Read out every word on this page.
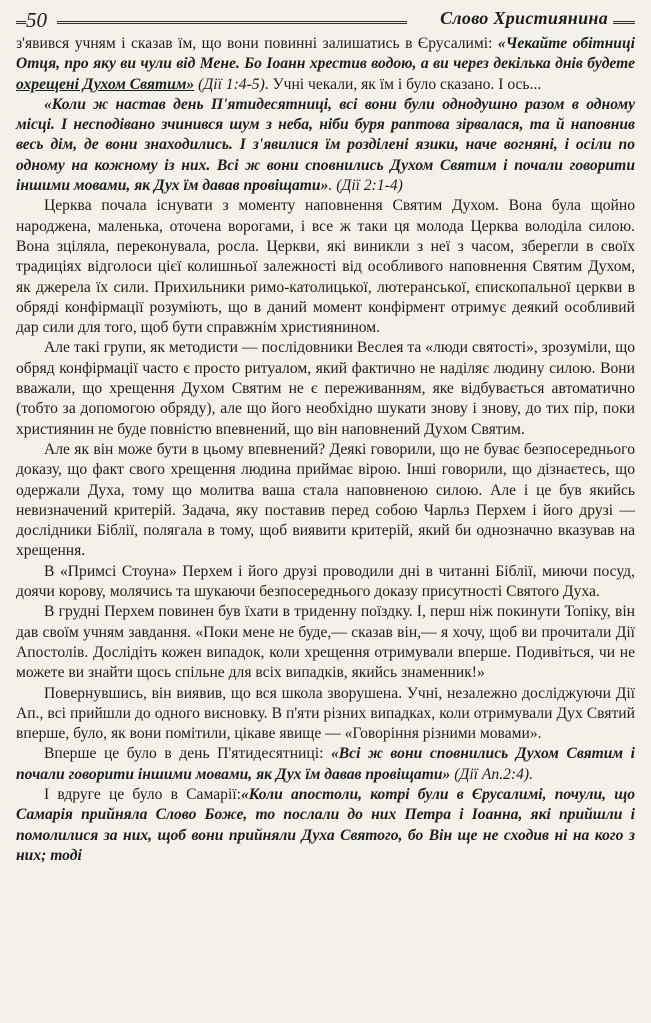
50	Слово Християнина

з'явився учням і сказав їм, що вони повинні залишатись в Єрусалимі: «Чекайте обітниці Отця, про яку ви чули від Мене. Бо Іоанн хрестив водою, а ви через декілька днів будете охрещені Духом Святим» (Дії 1:4-5). Учні чекали, як їм і було сказано. І ось...

«Коли ж настав день П'ятидесятниці, всі вони були однодушно разом в одному місці. І несподівано зчинився шум з неба, ніби буря раптова зірвалася, та й наповнив весь дім, де вони знаходились. І з'явилися їм розділені язики, наче вогняні, і осіли по одному на кожному із них. Всі ж вони сповнились Духом Святим і почали говорити іншими мовами, як Дух їм давав провіщати». (Дії 2:1-4)

Церква почала існувати з моменту наповнення Святим Духом. Вона була щойно народжена, маленька, оточена ворогами, і все ж таки ця молода Церква володіла силою. Вона зціляла, переконувала, росла. Церкви, які виникли з неї з часом, зберегли в своїх традиціях відголоси цієї колишньої залежності від особливого наповнення Святим Духом, як джерела їх сили. Прихильники римо-католицької, лютеранської, єпископальної церкви в обряді конфірмації розуміють, що в даний момент конфірмент отримує деякий особливий дар сили для того, щоб бути справжнім християнином.

Але такі групи, як методисти — послідовники Веслея та «люди святості», зрозуміли, що обряд конфірмації часто є просто ритуалом, який фактично не наділяє людину силою. Вони вважали, що хрещення Духом Святим не є переживанням, яке відбувається автоматично (тобто за допомогою обряду), але що його необхідно шукати знову і знову, до тих пір, поки християнин не буде повністю впевнений, що він наповнений Духом Святим.

Але як він може бути в цьому впевнений? Деякі говорили, що не буває безпосереднього доказу, що факт свого хрещення людина приймає вірою. Інші говорили, що дізнаєтесь, що одержали Духа, тому що молитва ваша стала наповненою силою. Але і це був якийсь невизначений критерій. Задача, яку поставив перед собою Чарльз Перхем і його друзі — дослідники Біблії, полягала в тому, щоб виявити критерій, який би однозначно вказував на хрещення.

В «Примсі Стоуна» Перхем і його друзі проводили дні в читанні Біблії, миючи посуд, доячи корову, молячись та шукаючи безпосереднього доказу присутності Святого Духа.

В грудні Перхем повинен був їхати в триденну поїздку. І, перш ніж покинути Топіку, він дав своїм учням завдання. «Поки мене не буде,— сказав він,— я хочу, щоб ви прочитали Дії Апостолів. Дослідіть кожен випадок, коли хрещення отримували вперше. Подивіться, чи не можете ви знайти щось спільне для всіх випадків, якийсь знаменник!»

Повернувшись, він виявив, що вся школа зворушена. Учні, незалежно досліджуючи Дії Ап., всі прийшли до одного висновку. В п'яти різних випадках, коли отримували Дух Святий вперше, було, як вони помітили, цікаве явище — «Говоріння різними мовами».

Вперше це було в день П'ятидесятниці: «Всі ж вони сповнились Духом Святим і почали говорити іншими мовами, як Дух їм давав провіщати» (Дії Ап.2:4).

І вдруге це було в Самарії:«Коли апостоли, котрі були в Єрусалимі, почули, що Самарія прийняла Слово Боже, то послали до них Петра і Іоанна, які прийшли і помолилися за них, щоб вони прийняли Духа Святого, бо Він ще не сходив ні на кого з них; тоді
